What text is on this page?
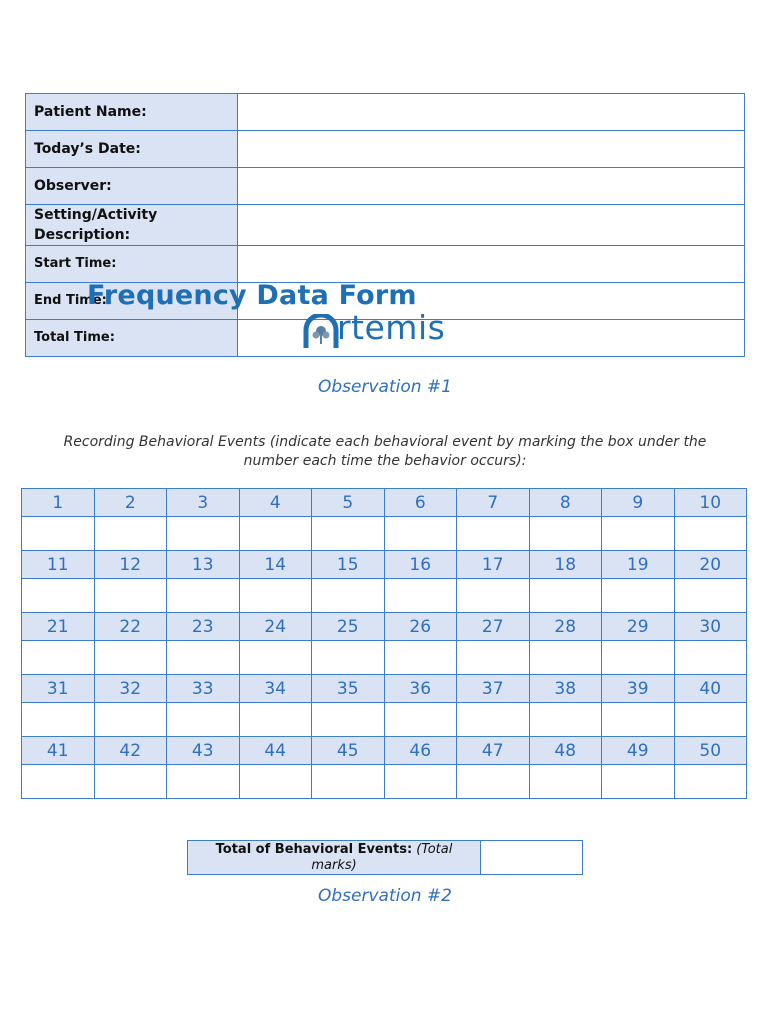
Patient Name:	
Today’s Date:	
Observer:	
Setting/Activity Description:	
Start Time:	
End Time:	
Total Time:	
Frequency Data Form
rtemis
Observation #1
Recording Behavioral Events (indicate each behavioral event by marking the box under the number each time the behavior occurs):
1	2	3	4	5	6	7	8	9	10

11	12	13	14	15	16	17	18	19	20

21	22	23	24	25	26	27	28	29	30

31	32	33	34	35	36	37	38	39	40

41	42	43	44	45	46	47	48	49	50

Total of Behavioral Events: (Total marks)	
Observation #2
